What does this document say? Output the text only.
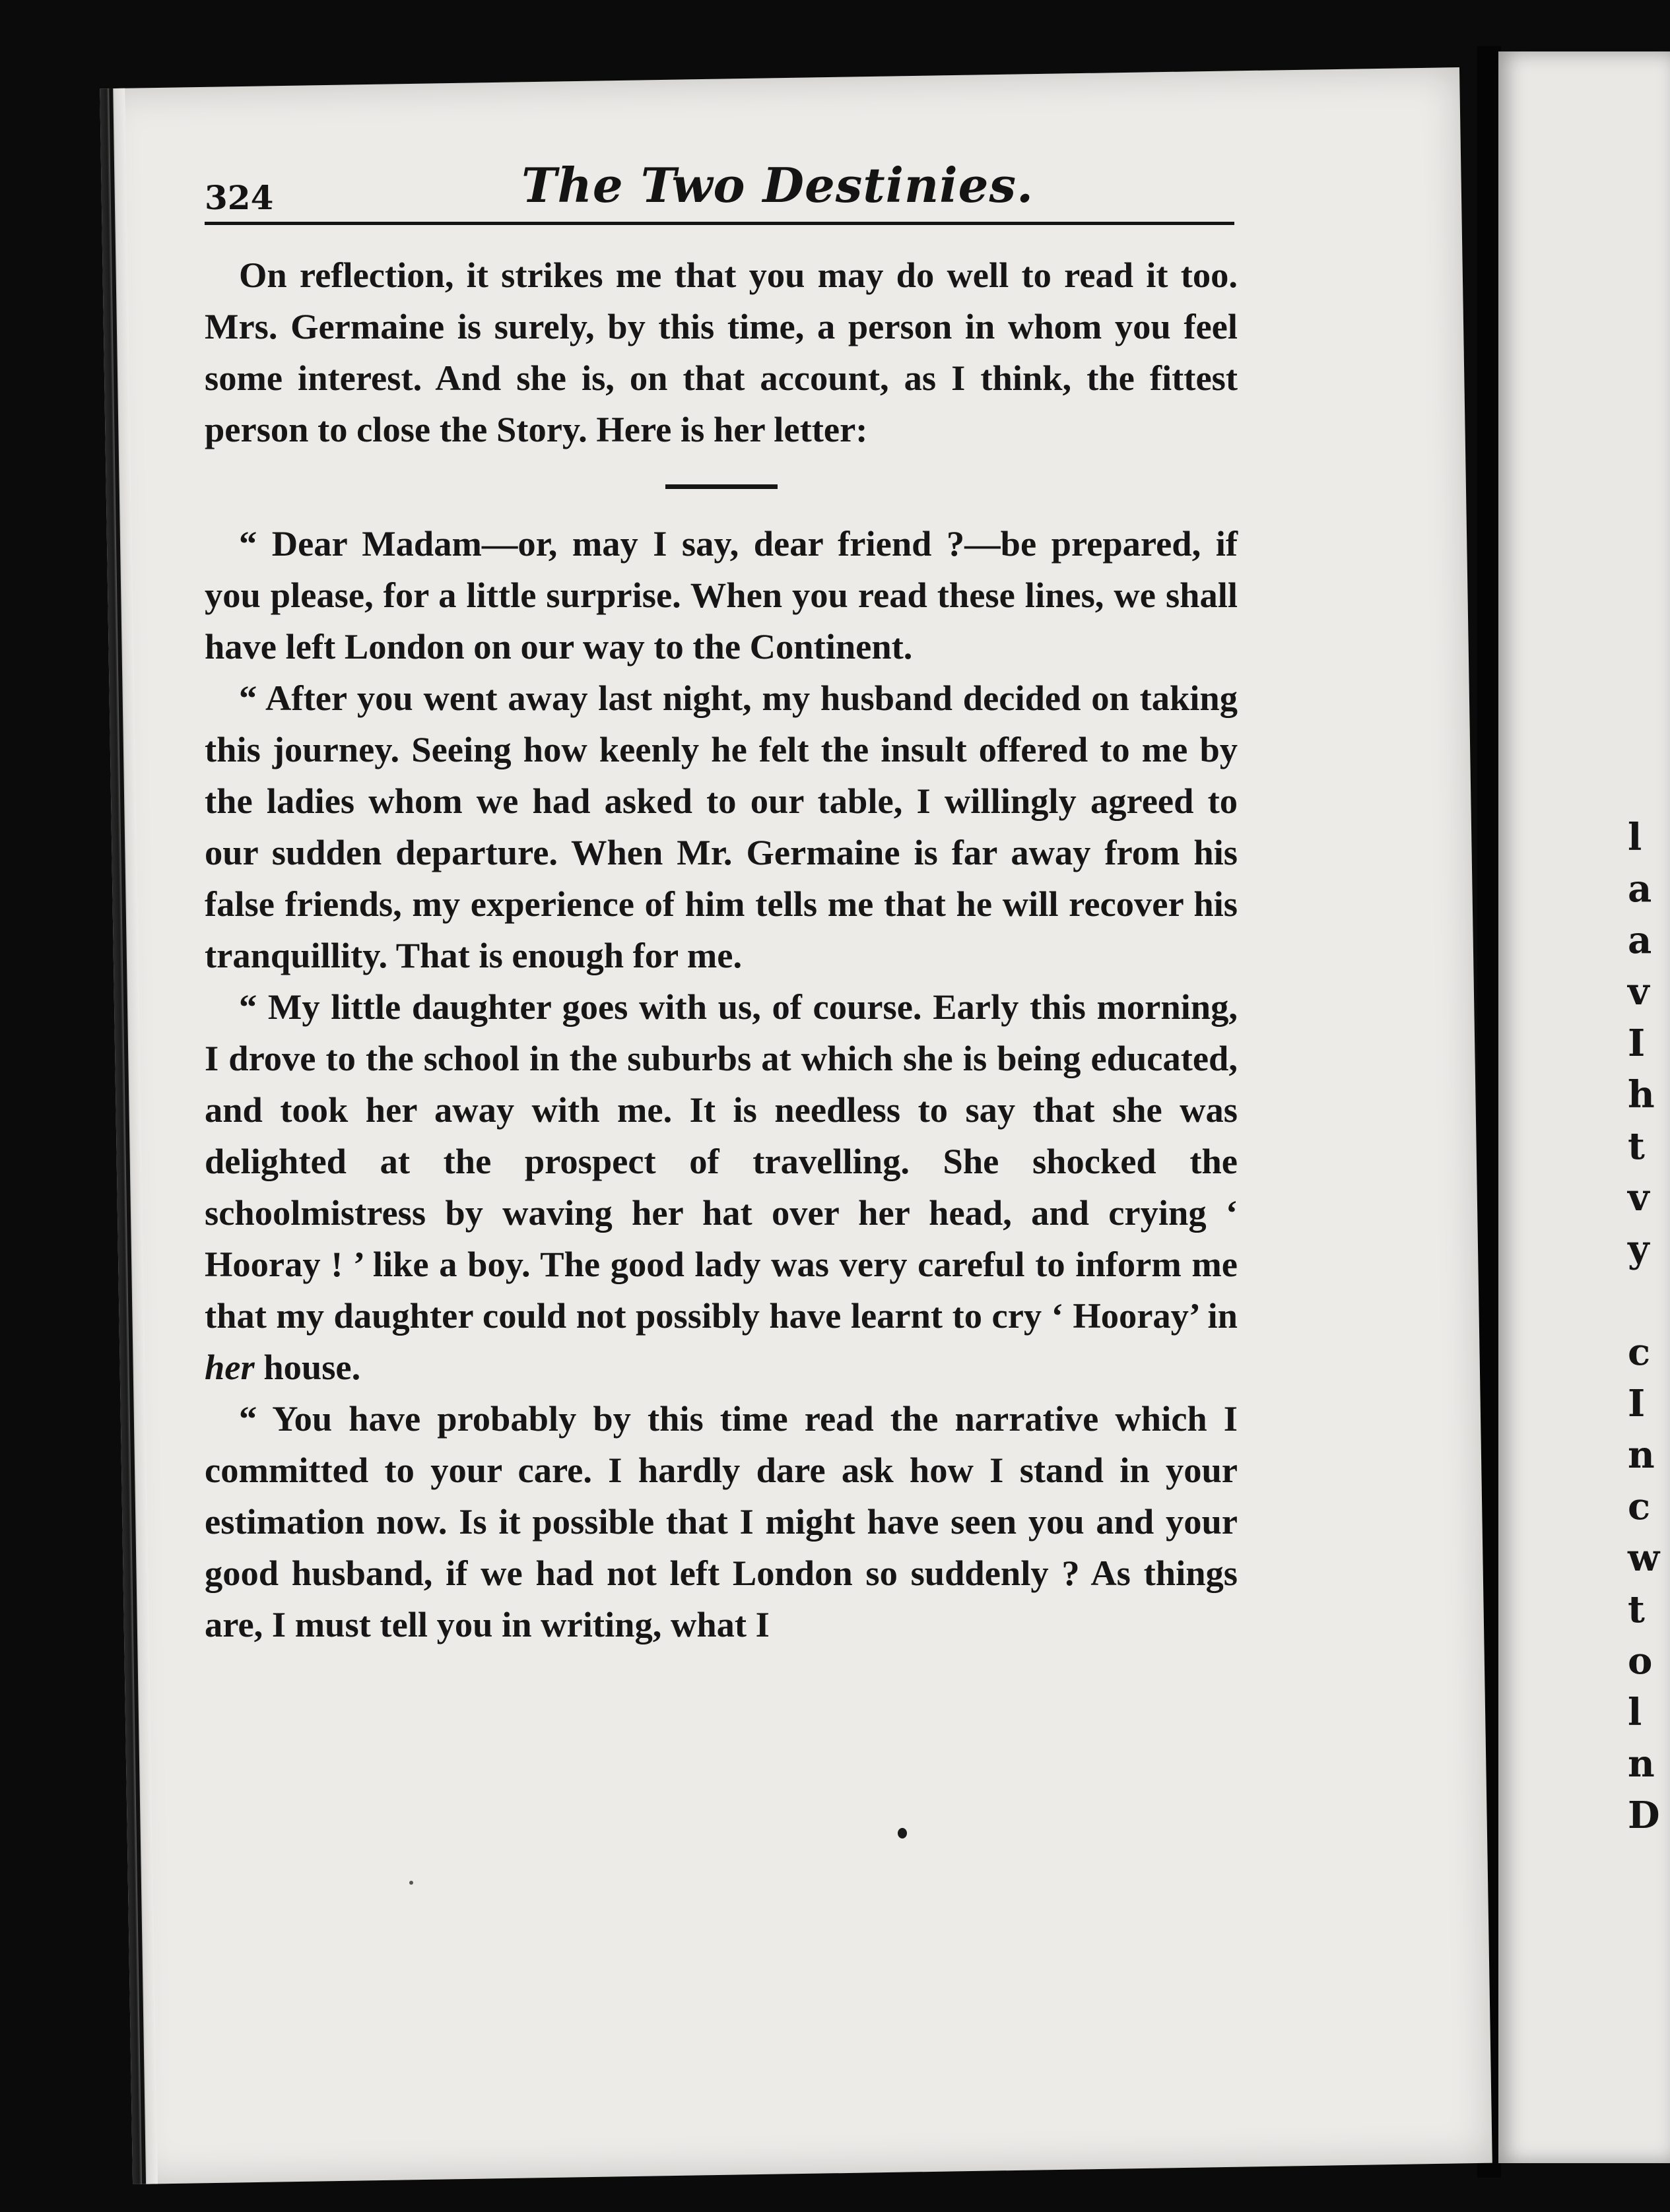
324	The Two Destinies.

On reflection, it strikes me that you may do well to read it too. Mrs. Germaine is surely, by this time, a person in whom you feel some interest. And she is, on that account, as I think, the fittest person to close the Story. Here is her letter:

“ Dear Madam—or, may I say, dear friend ?—be prepared, if you please, for a little surprise. When you read these lines, we shall have left London on our way to the Continent.

“ After you went away last night, my husband decided on taking this journey. Seeing how keenly he felt the insult offered to me by the ladies whom we had asked to our table, I willingly agreed to our sudden departure. When Mr. Germaine is far away from his false friends, my experience of him tells me that he will recover his tranquillity. That is enough for me.

“ My little daughter goes with us, of course. Early this morning, I drove to the school in the suburbs at which she is being educated, and took her away with me. It is needless to say that she was delighted at the prospect of travelling. She shocked the schoolmistress by waving her hat over her head, and crying ‘ Hooray ! ’ like a boy. The good lady was very careful to inform me that my daughter could not possibly have learnt to cry ‘ Hooray’ in her house.

“ You have probably by this time read the narrative which I committed to your care. I hardly dare ask how I stand in your estimation now. Is it possible that I might have seen you and your good husband, if we had not left London so suddenly ? As things are, I must tell you in writing, what I

l
a
a
v
I
h
t
v
y
c
I
n
c
w
t
o
l
n
D
